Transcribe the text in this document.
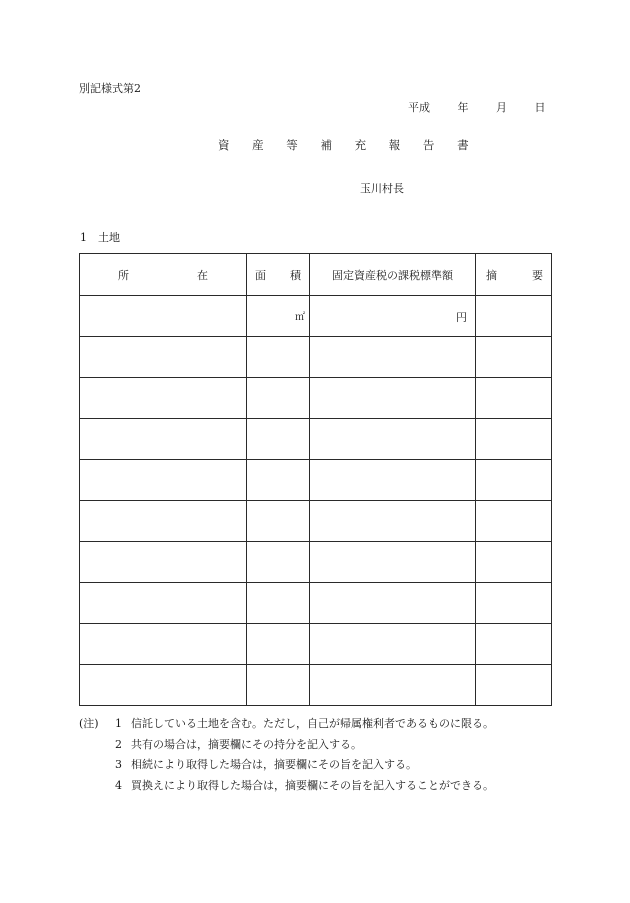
別記様式第2
平成	年	月	日
資 産 等 補 充 報 告 書
玉川村長
1　土地
所 在	面 積	固定資産税の課税標準額	摘 要

	㎡	円	

(注)	1 信託している土地を含む。ただし，自己が帰属権利者であるものに限る。
2 共有の場合は，摘要欄にその持分を記入する。
3 相続により取得した場合は，摘要欄にその旨を記入する。
4 買換えにより取得した場合は，摘要欄にその旨を記入することができる。
